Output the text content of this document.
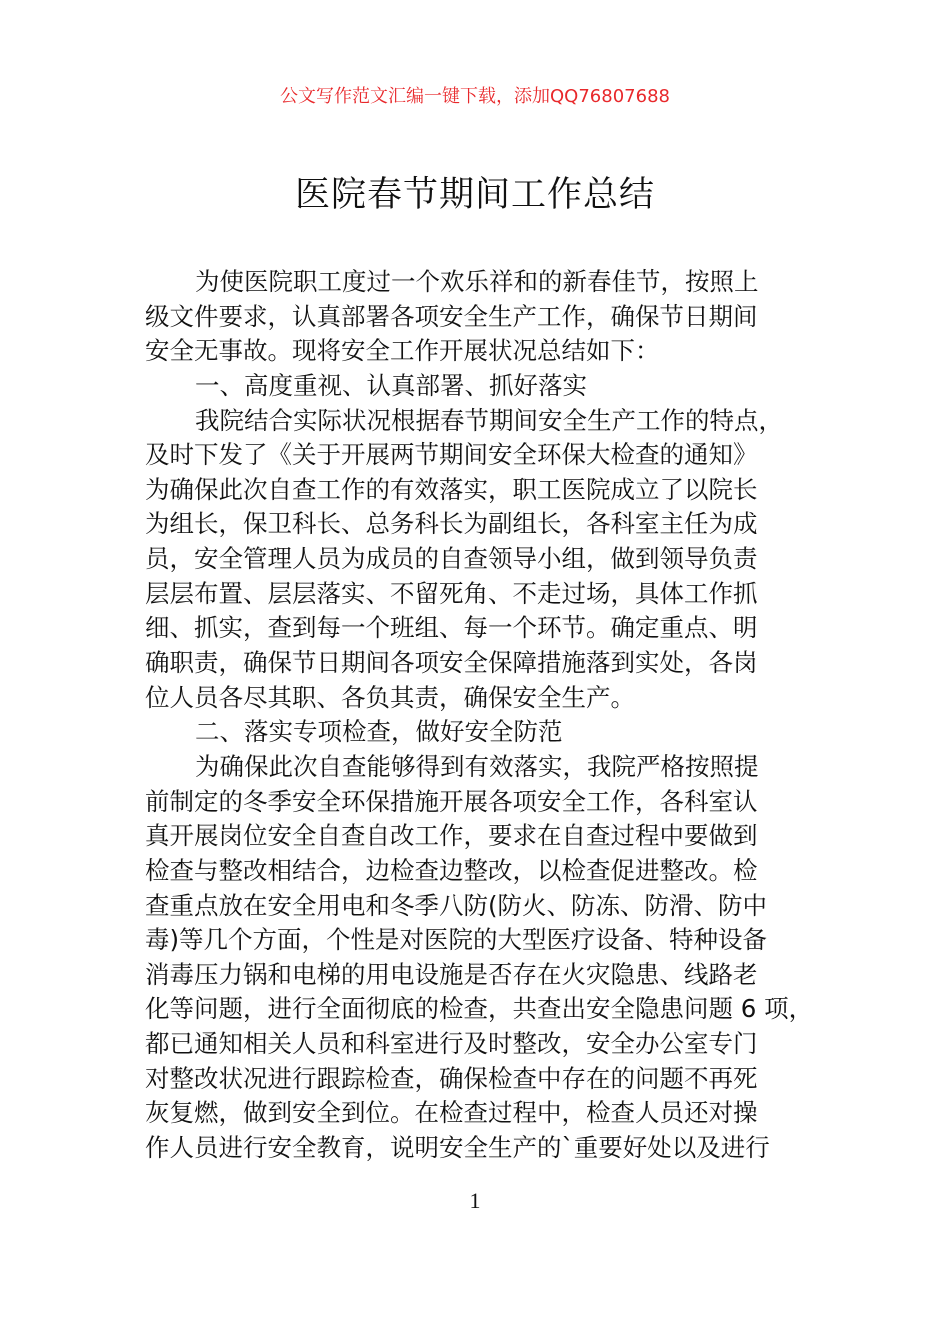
公文写作范文汇编一键下载，添加QQ76807688
医院春节期间工作总结
为使医院职工度过一个欢乐祥和的新春佳节，按照上
级文件要求，认真部署各项安全生产工作，确保节日期间
安全无事故。现将安全工作开展状况总结如下：
一、高度重视、认真部署、抓好落实
我院结合实际状况根据春节期间安全生产工作的特点，
及时下发了《关于开展两节期间安全环保大检查的通知》
为确保此次自查工作的有效落实，职工医院成立了以院长
为组长，保卫科长、总务科长为副组长，各科室主任为成
员，安全管理人员为成员的自查领导小组，做到领导负责
层层布置、层层落实、不留死角、不走过场，具体工作抓
细、抓实，查到每一个班组、每一个环节。确定重点、明
确职责，确保节日期间各项安全保障措施落到实处，各岗
位人员各尽其职、各负其责，确保安全生产。
二、落实专项检查，做好安全防范
为确保此次自查能够得到有效落实，我院严格按照提
前制定的冬季安全环保措施开展各项安全工作，各科室认
真开展岗位安全自查自改工作，要求在自查过程中要做到
检查与整改相结合，边检查边整改，以检查促进整改。检
查重点放在安全用电和冬季八防(防火、防冻、防滑、防中
毒)等几个方面，个性是对医院的大型医疗设备、特种设备
消毒压力锅和电梯的用电设施是否存在火灾隐患、线路老
化等问题，进行全面彻底的检查，共查出安全隐患问题 6 项，
都已通知相关人员和科室进行及时整改，安全办公室专门
对整改状况进行跟踪检查，确保检查中存在的问题不再死
灰复燃，做到安全到位。在检查过程中，检查人员还对操
作人员进行安全教育，说明安全生产的`重要好处以及进行
1
